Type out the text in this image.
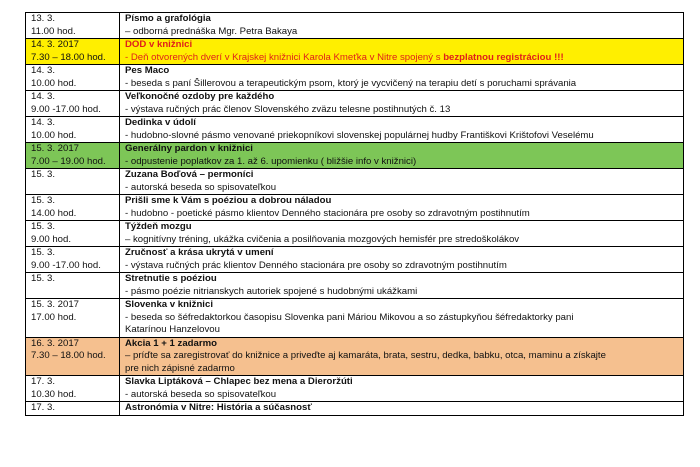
13. 3.	Písmo a grafológia
11.00 hod.	– odborná prednáška Mgr. Petra Bakaya
14. 3. 2017	DOD v knižnici
7.30 – 18.00 hod.	- Deň otvorených dverí v Krajskej knižnici Karola Kmeťka v Nitre spojený s bezplatnou registráciou !!!
14. 3.	Pes Maco
10.00 hod.	- beseda s paní Šillerovou a terapeutickým psom, ktorý je vycvičený na terapiu detí s poruchami správania
14. 3.	Veľkonočné ozdoby pre každého
9.00 -17.00 hod.	- výstava ručných prác členov Slovenského zväzu telesne postihnutých č. 13
14. 3.	Dedinka v údolí
10.00 hod.	- hudobno-slovné pásmo venované priekopníkovi slovenskej populárnej hudby Františkovi Krištofovi Veselému
15. 3. 2017	Generálny pardon v knižnici
7.00 – 19.00 hod.	- odpustenie poplatkov za 1. až 6. upomienku ( bližšie info v knižnici)
15. 3.	Zuzana Boďová – permoníci
	- autorská beseda so spisovateľkou
15. 3.	Prišli sme k Vám s poéziou a dobrou náladou
14.00 hod.	- hudobno - poetické pásmo klientov Denného stacionára pre osoby so zdravotným postihnutím
15. 3.	Týždeň mozgu
9.00 hod.	– kognitívny tréning, ukážka cvičenia a posilňovania mozgových hemisfér pre stredoškolákov
15. 3.	Zručnosť a krása ukrytá v umení
9.00 -17.00 hod.	- výstava ručných prác klientov Denného stacionára pre osoby so zdravotným postihnutím
15. 3.	Stretnutie s poéziou
	- pásmo poézie nitrianskych autoriek spojené s hudobnými ukážkami
15. 3. 2017	Slovenka v knižnici
17.00 hod.	- beseda so šéfredaktorkou časopisu Slovenka pani Máriou Mikovou a so zástupkyňou šéfredaktorky pani
Katarínou Hanzelovou
16. 3. 2017	Akcia 1 + 1 zadarmo
7.30 – 18.00 hod.	– príďte sa zaregistrovať do knižnice a priveďte aj kamaráta, brata, sestru, dedka, babku, otca, maminu a získajte
pre nich zápisné zadarmo
17. 3.	Slavka Liptáková – Chlapec bez mena a Dieroržúti
10.30 hod.	- autorská beseda so spisovateľkou
17. 3.	Astronómia v Nitre: História a súčasnosť
